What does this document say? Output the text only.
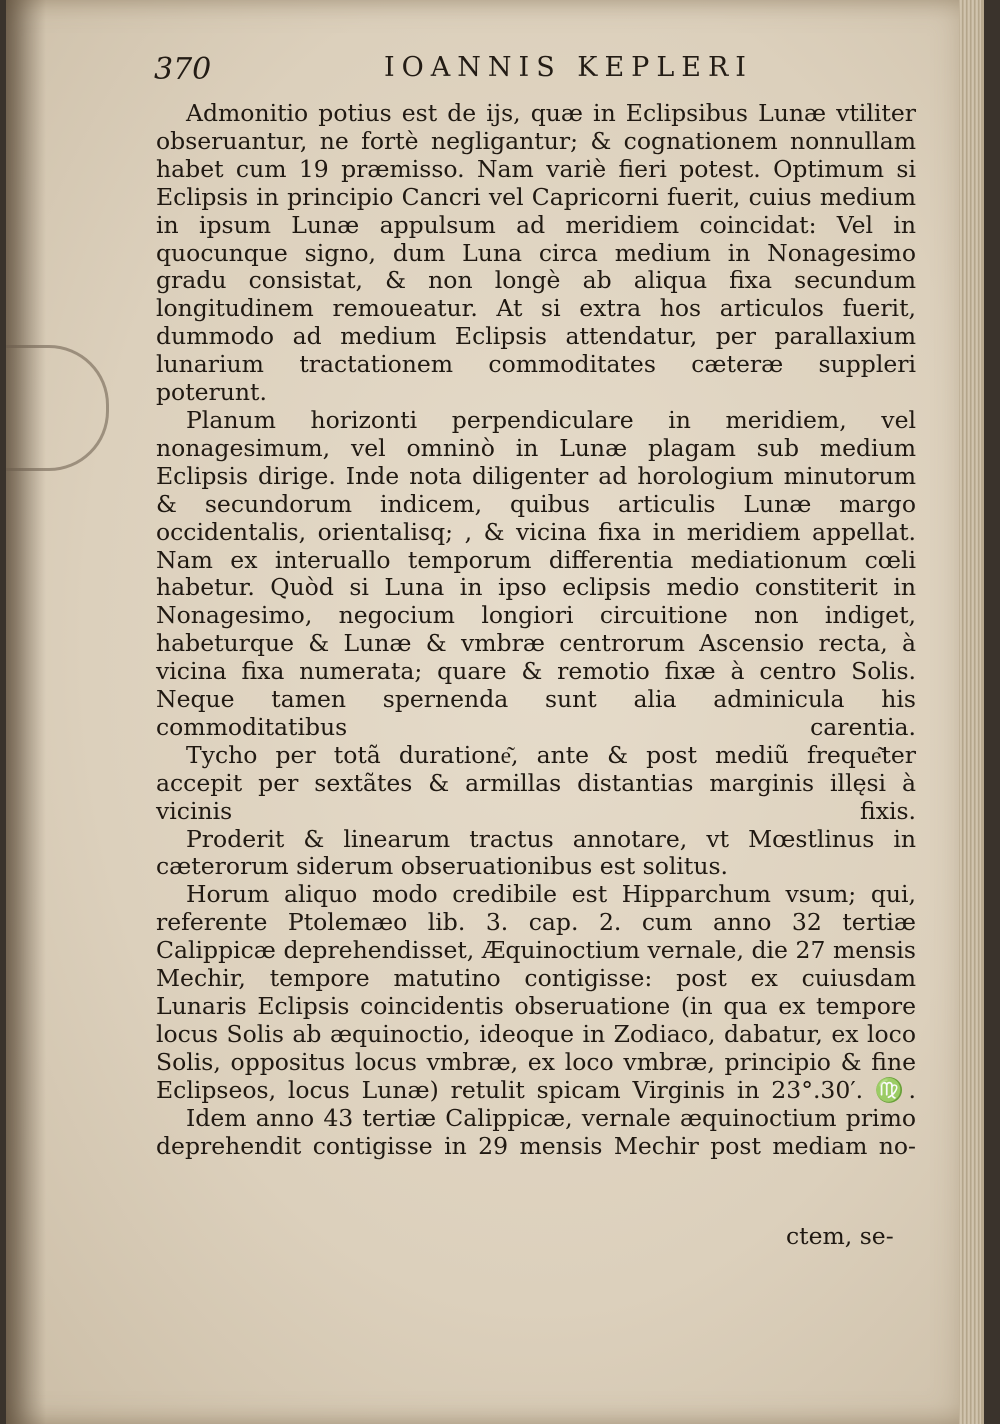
370	IOANNIS KEPLERI

Admonitio potius est de ijs, quæ in Eclipsibus Lunæ vtiliter obseruantur, ne fortè negligantur; & cognationem nonnullam habet cum 19 præmisso. Nam variè fieri potest. Optimum si Eclipsis in principio Cancri vel Capricorni fuerit, cuius medium in ipsum Lunæ appulsum ad meridiem coincidat: Vel in quocunque signo, dum Luna circa medium in Nonagesimo gradu consistat, & non longè ab aliqua fixa secundum longitudinem remoueatur. At si extra hos articulos fuerit, dummodo ad medium Eclipsis attendatur, per parallaxium lunarium tractationem commoditates cæteræ suppleri poterunt.

Planum horizonti perpendiculare in meridiem, vel nonagesimum, vel omninò in Lunæ plagam sub medium Eclipsis dirige. Inde nota diligenter ad horologium minutorum & secundorum indicem, quibus articulis Lunæ margo occidentalis, orientalisq; , & vicina fixa in meridiem appellat. Nam ex interuallo temporum differentia mediationum cœli habetur. Quòd si Luna in ipso eclipsis medio constiterit in Nonagesimo, negocium longiori circuitione non indiget, habeturque & Lunæ & vmbræ centrorum Ascensio recta, à vicina fixa numerata; quare & remotio fixæ à centro Solis. Neque tamen spernenda sunt alia adminicula his commoditatibus carentia.

Tycho per totã duratione͂, ante & post mediũ freque͂ter accepit per sextãtes & armillas distantias marginis illęsi à vicinis fixis.

Proderit & linearum tractus annotare, vt Mœstlinus in cæterorum siderum obseruationibus est solitus.

Horum aliquo modo credibile est Hipparchum vsum; qui, referente Ptolemæo lib. 3. cap. 2. cum anno 32 tertiæ Calippicæ deprehendisset, Æquinoctium vernale, die 27 mensis Mechir, tempore matutino contigisse: post ex cuiusdam Lunaris Eclipsis coincidentis obseruatione (in qua ex tempore locus Solis ab æquinoctio, ideoque in Zodiaco, dabatur, ex loco Solis, oppositus locus vmbræ, ex loco vmbræ, principio & fine Eclipseos, locus Lunæ) retulit spicam Virginis in 23°.30′. ♍.

Idem anno 43 tertiæ Calippicæ, vernale æquinoctium primo deprehendit contigisse in 29 mensis Mechir post mediam no-

ctem, se-
